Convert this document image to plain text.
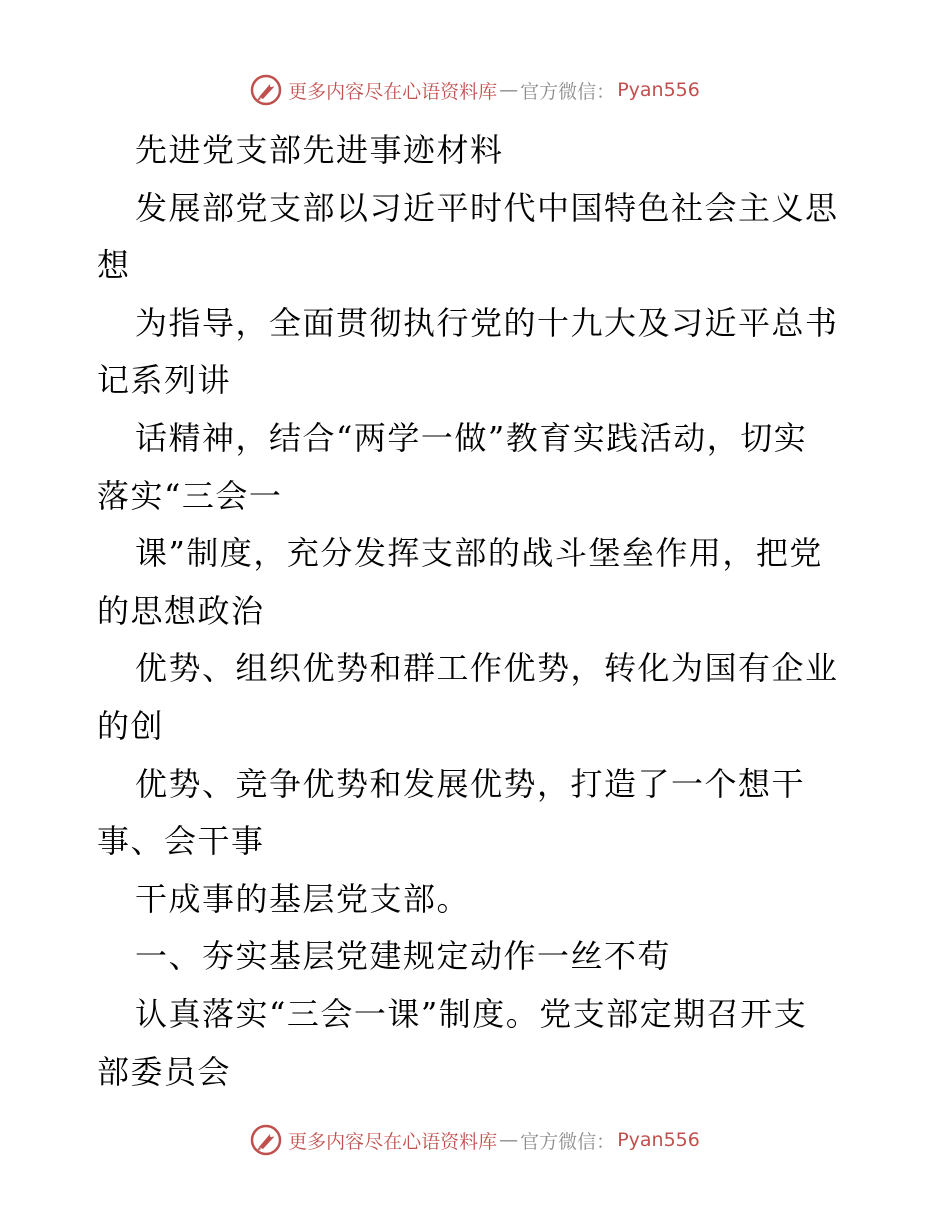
更多内容尽在心语资料库 — 官方微信： Pyan556
先进党支部先进事迹材料
发展部党支部以习近平时代中国特色社会主义思
想
为指导，全面贯彻执行党的十九大及习近平总书
记系列讲
话精神，结合“两学一做”教育实践活动，切实
落实“三会一
课”制度，充分发挥支部的战斗堡垒作用，把党
的思想政治
优势、组织优势和群工作优势，转化为国有企业
的创
优势、竞争优势和发展优势，打造了一个想干
事、会干事
干成事的基层党支部。
一、夯实基层党建规定动作一丝不苟
认真落实“三会一课”制度。党支部定期召开支
部委员会
更多内容尽在心语资料库 — 官方微信： Pyan556
